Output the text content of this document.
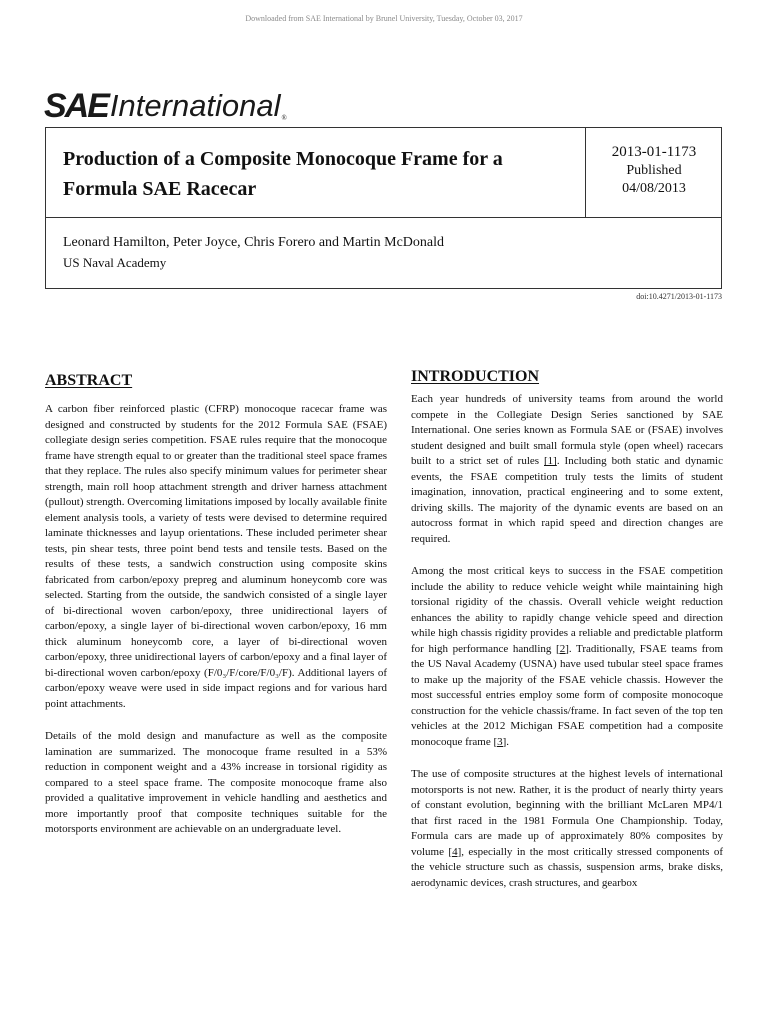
Downloaded from SAE International by Brunel University, Tuesday, October 03, 2017
SAE International ®
Production of a Composite Monocoque Frame for a Formula SAE Racecar
2013-01-1173
Published
04/08/2013
Leonard Hamilton, Peter Joyce, Chris Forero and Martin McDonald
US Naval Academy
doi:10.4271/2013-01-1173
ABSTRACT

A carbon fiber reinforced plastic (CFRP) monocoque racecar frame was designed and constructed by students for the 2012 Formula SAE (FSAE) collegiate design series competition. FSAE rules require that the monocoque frame have strength equal to or greater than the traditional steel space frames that they replace. The rules also specify minimum values for perimeter shear strength, main roll hoop attachment strength and driver harness attachment (pullout) strength. Overcoming limitations imposed by locally available finite element analysis tools, a variety of tests were devised to determine required laminate thicknesses and layup orientations. These included perimeter shear tests, pin shear tests, three point bend tests and tensile tests. Based on the results of these tests, a sandwich construction using composite skins fabricated from carbon/epoxy prepreg and aluminum honeycomb core was selected. Starting from the outside, the sandwich consisted of a single layer of bi-directional woven carbon/epoxy, three unidirectional layers of carbon/epoxy, a single layer of bi-directional woven carbon/epoxy, 16 mm thick aluminum honeycomb core, a layer of bi-directional woven carbon/epoxy, three unidirectional layers of carbon/epoxy and a final layer of bi-directional woven carbon/epoxy (F/0₃/F/core/F/0₃/F). Additional layers of carbon/epoxy weave were used in side impact regions and for various hard point attachments.

Details of the mold design and manufacture as well as the composite lamination are summarized. The monocoque frame resulted in a 53% reduction in component weight and a 43% increase in torsional rigidity as compared to a steel space frame. The composite monocoque frame also provided a qualitative improvement in vehicle handling and aesthetics and more importantly proof that composite techniques suitable for the motorsports environment are achievable on an undergraduate level.

INTRODUCTION

Each year hundreds of university teams from around the world compete in the Collegiate Design Series sanctioned by SAE International. One series known as Formula SAE or (FSAE) involves student designed and built small formula style (open wheel) racecars built to a strict set of rules [1]. Including both static and dynamic events, the FSAE competition truly tests the limits of student imagination, innovation, practical engineering and to some extent, driving skills. The majority of the dynamic events are based on an autocross format in which rapid speed and direction changes are required.

Among the most critical keys to success in the FSAE competition include the ability to reduce vehicle weight while maintaining high torsional rigidity of the chassis. Overall vehicle weight reduction enhances the ability to rapidly change vehicle speed and direction while high chassis rigidity provides a reliable and predictable platform for high performance handling [2]. Traditionally, FSAE teams from the US Naval Academy (USNA) have used tubular steel space frames to make up the majority of the FSAE vehicle chassis. However the most successful entries employ some form of composite monocoque construction for the vehicle chassis/frame. In fact seven of the top ten vehicles at the 2012 Michigan FSAE competition had a composite monocoque frame [3].

The use of composite structures at the highest levels of international motorsports is not new. Rather, it is the product of nearly thirty years of constant evolution, beginning with the brilliant McLaren MP4/1 that first raced in the 1981 Formula One Championship. Today, Formula cars are made up of approximately 80% composites by volume [4], especially in the most critically stressed components of the vehicle structure such as chassis, suspension arms, brake disks, aerodynamic devices, crash structures, and gearbox
